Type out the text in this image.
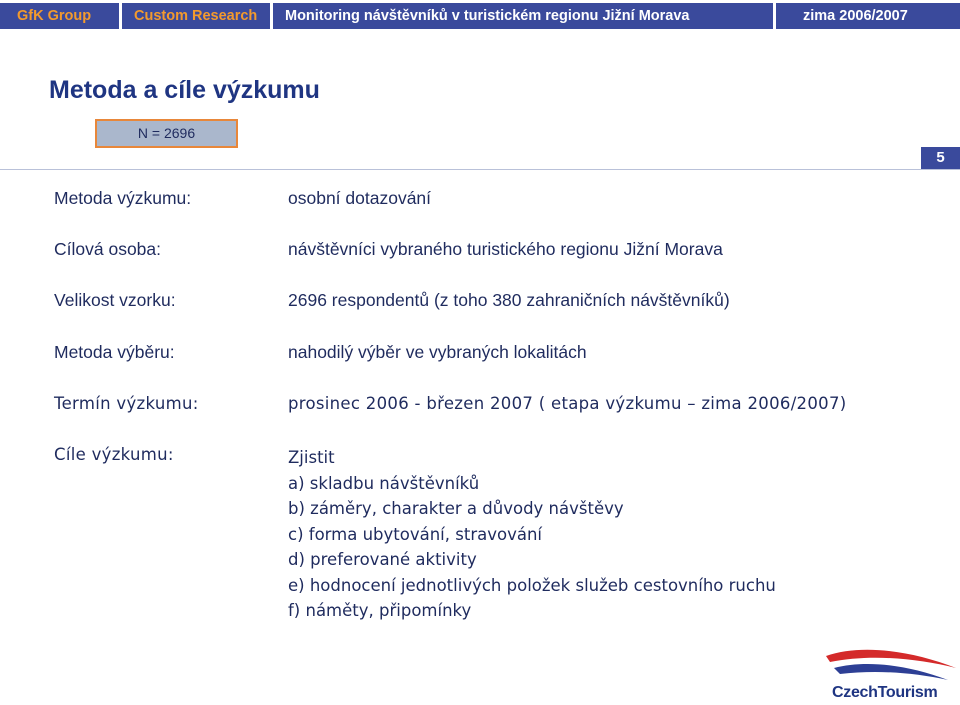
GfK Group	Custom Research	Monitoring návštěvníků v turistickém regionu Jižní Morava	zima 2006/2007
Metoda a cíle výzkumu
N = 2696
5
Metoda výzkumu:	osobní dotazování
Cílová osoba:	návštěvníci vybraného turistického regionu Jižní Morava
Velikost vzorku:	2696 respondentů (z toho 380 zahraničních návštěvníků)
Metoda výběru:	nahodilý výběr ve vybraných lokalitách
Termín výzkumu:	prosinec 2006 - březen 2007 ( etapa výzkumu – zima 2006/2007)
Cíle výzkumu:	Zjistit
a) skladbu návštěvníků
b) záměry, charakter a důvody návštěvy
c) forma ubytování, stravování
d) preferované aktivity
e) hodnocení jednotlivých položek služeb cestovního ruchu
f) náměty, připomínky
CzechTourism
